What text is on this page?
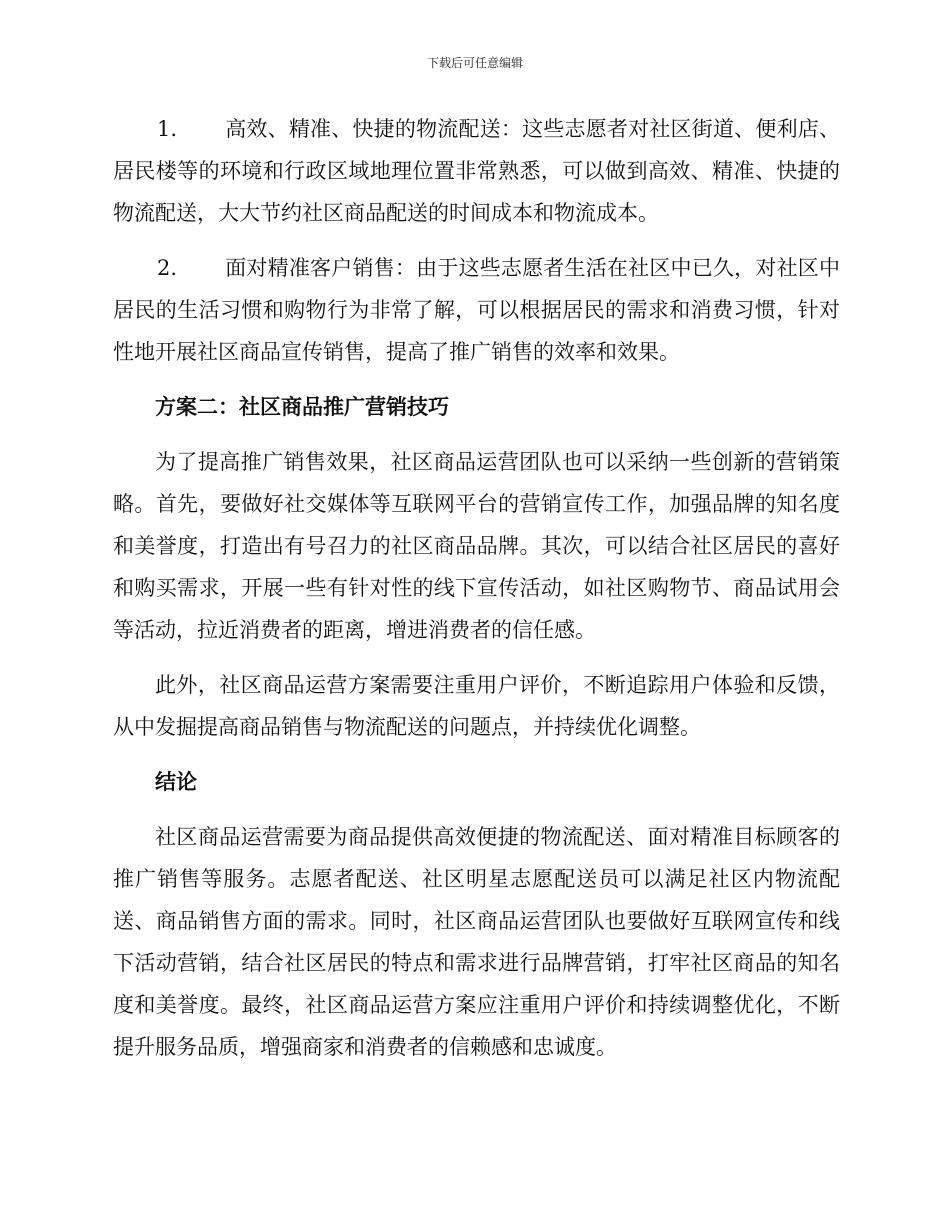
下载后可任意编辑

1. 高效、精准、快捷的物流配送：这些志愿者对社区街道、便利店、居民楼等的环境和行政区域地理位置非常熟悉，可以做到高效、精准、快捷的物流配送，大大节约社区商品配送的时间成本和物流成本。

2. 面对精准客户销售：由于这些志愿者生活在社区中已久，对社区中居民的生活习惯和购物行为非常了解，可以根据居民的需求和消费习惯，针对性地开展社区商品宣传销售，提高了推广销售的效率和效果。

方案二：社区商品推广营销技巧

为了提高推广销售效果，社区商品运营团队也可以采纳一些创新的营销策略。首先，要做好社交媒体等互联网平台的营销宣传工作，加强品牌的知名度和美誉度，打造出有号召力的社区商品品牌。其次，可以结合社区居民的喜好和购买需求，开展一些有针对性的线下宣传活动，如社区购物节、商品试用会等活动，拉近消费者的距离，增进消费者的信任感。

此外，社区商品运营方案需要注重用户评价，不断追踪用户体验和反馈，从中发掘提高商品销售与物流配送的问题点，并持续优化调整。

结论

社区商品运营需要为商品提供高效便捷的物流配送、面对精准目标顾客的推广销售等服务。志愿者配送、社区明星志愿配送员可以满足社区内物流配送、商品销售方面的需求。同时，社区商品运营团队也要做好互联网宣传和线下活动营销，结合社区居民的特点和需求进行品牌营销，打牢社区商品的知名度和美誉度。最终，社区商品运营方案应注重用户评价和持续调整优化，不断提升服务品质，增强商家和消费者的信赖感和忠诚度。
